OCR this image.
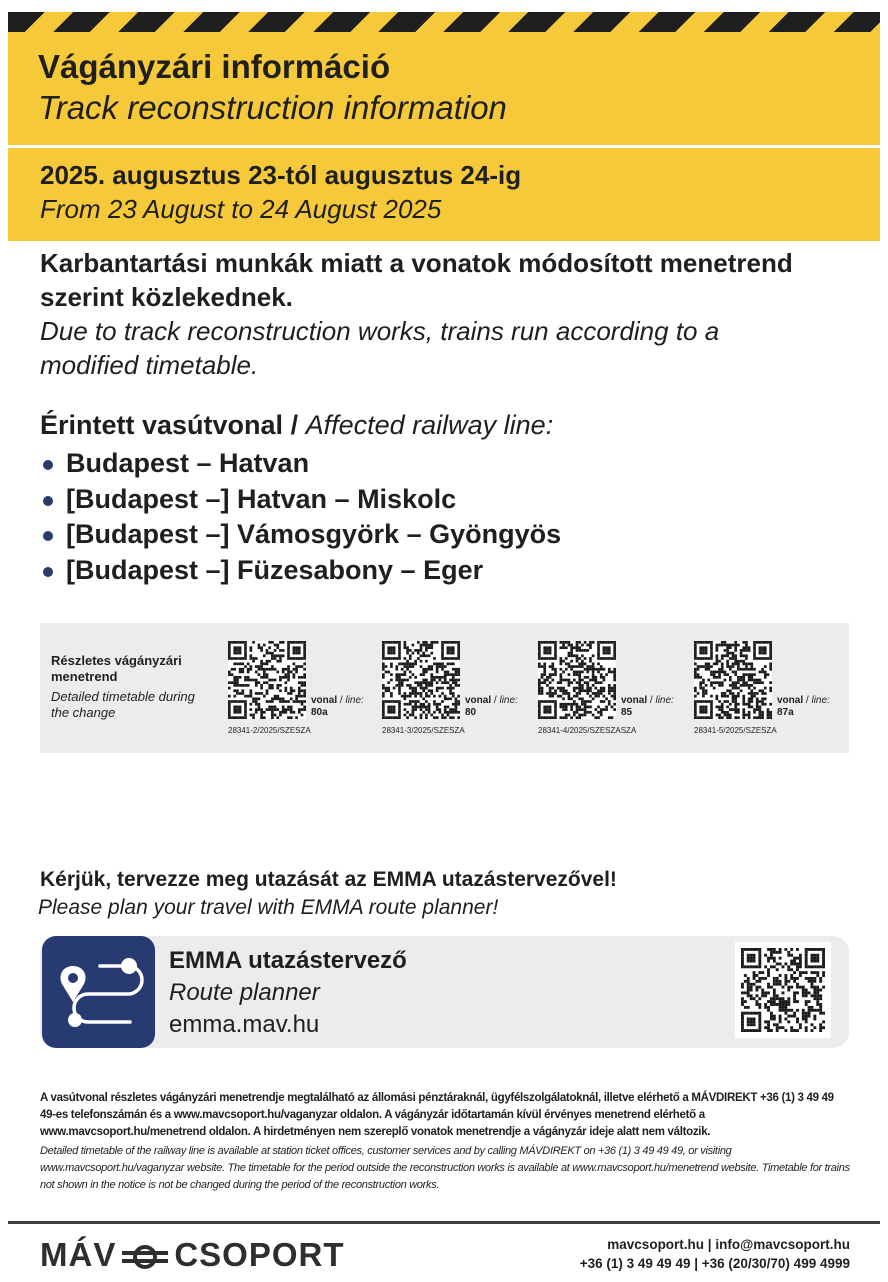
Vágányzári információ
Track reconstruction information
2025. augusztus 23-tól augusztus 24-ig
From 23 August to 24 August 2025
Karbantartási munkák miatt a vonatok módosított menetrend szerint közlekednek.
Due to track reconstruction works, trains run according to a modified timetable.
Érintett vasútvonal / Affected railway line:
Budapest – Hatvan
[Budapest –] Hatvan – Miskolc
[Budapest –] Vámosgyörk – Gyöngyös
[Budapest –] Füzesabony – Eger
Részletes vágányzári menetrend
Detailed timetable during the change
vonal / line:
80a
28341-2/2025/SZESZA
vonal / line:
80
28341-3/2025/SZESZA
vonal / line:
85
28341-4/2025/SZESZASZA
vonal / line:
87a
28341-5/2025/SZESZA
Kérjük, tervezze meg utazását az EMMA utazástervezővel!
Please plan your travel with EMMA route planner!
EMMA utazástervező
Route planner
emma.mav.hu
A vasútvonal részletes vágányzári menetrendje megtalálható az állomási pénztáraknál, ügyfélszolgálatoknál, illetve elérhető a MÁVDIREKT +36 (1) 3 49 49 49-es telefonszámán és a www.mavcsoport.hu/vaganyzar oldalon. A vágányzár időtartamán kívül érvényes menetrend elérhető a www.mavcsoport.hu/menetrend oldalon. A hirdetményen nem szereplő vonatok menetrendje a vágányzár ideje alatt nem változik.
Detailed timetable of the railway line is available at station ticket offices, customer services and by calling MÁVDIREKT on +36 (1) 3 49 49 49, or visiting www.mavcsoport.hu/vaganyzar website. The timetable for the period outside the reconstruction works is available at www.mavcsoport.hu/menetrend website. Timetable for trains not shown in the notice is not be changed during the period of the reconstruction works.
MÁV CSOPORT	mavcsoport.hu | info@mavcsoport.hu
+36 (1) 3 49 49 49 | +36 (20/30/70) 499 4999
